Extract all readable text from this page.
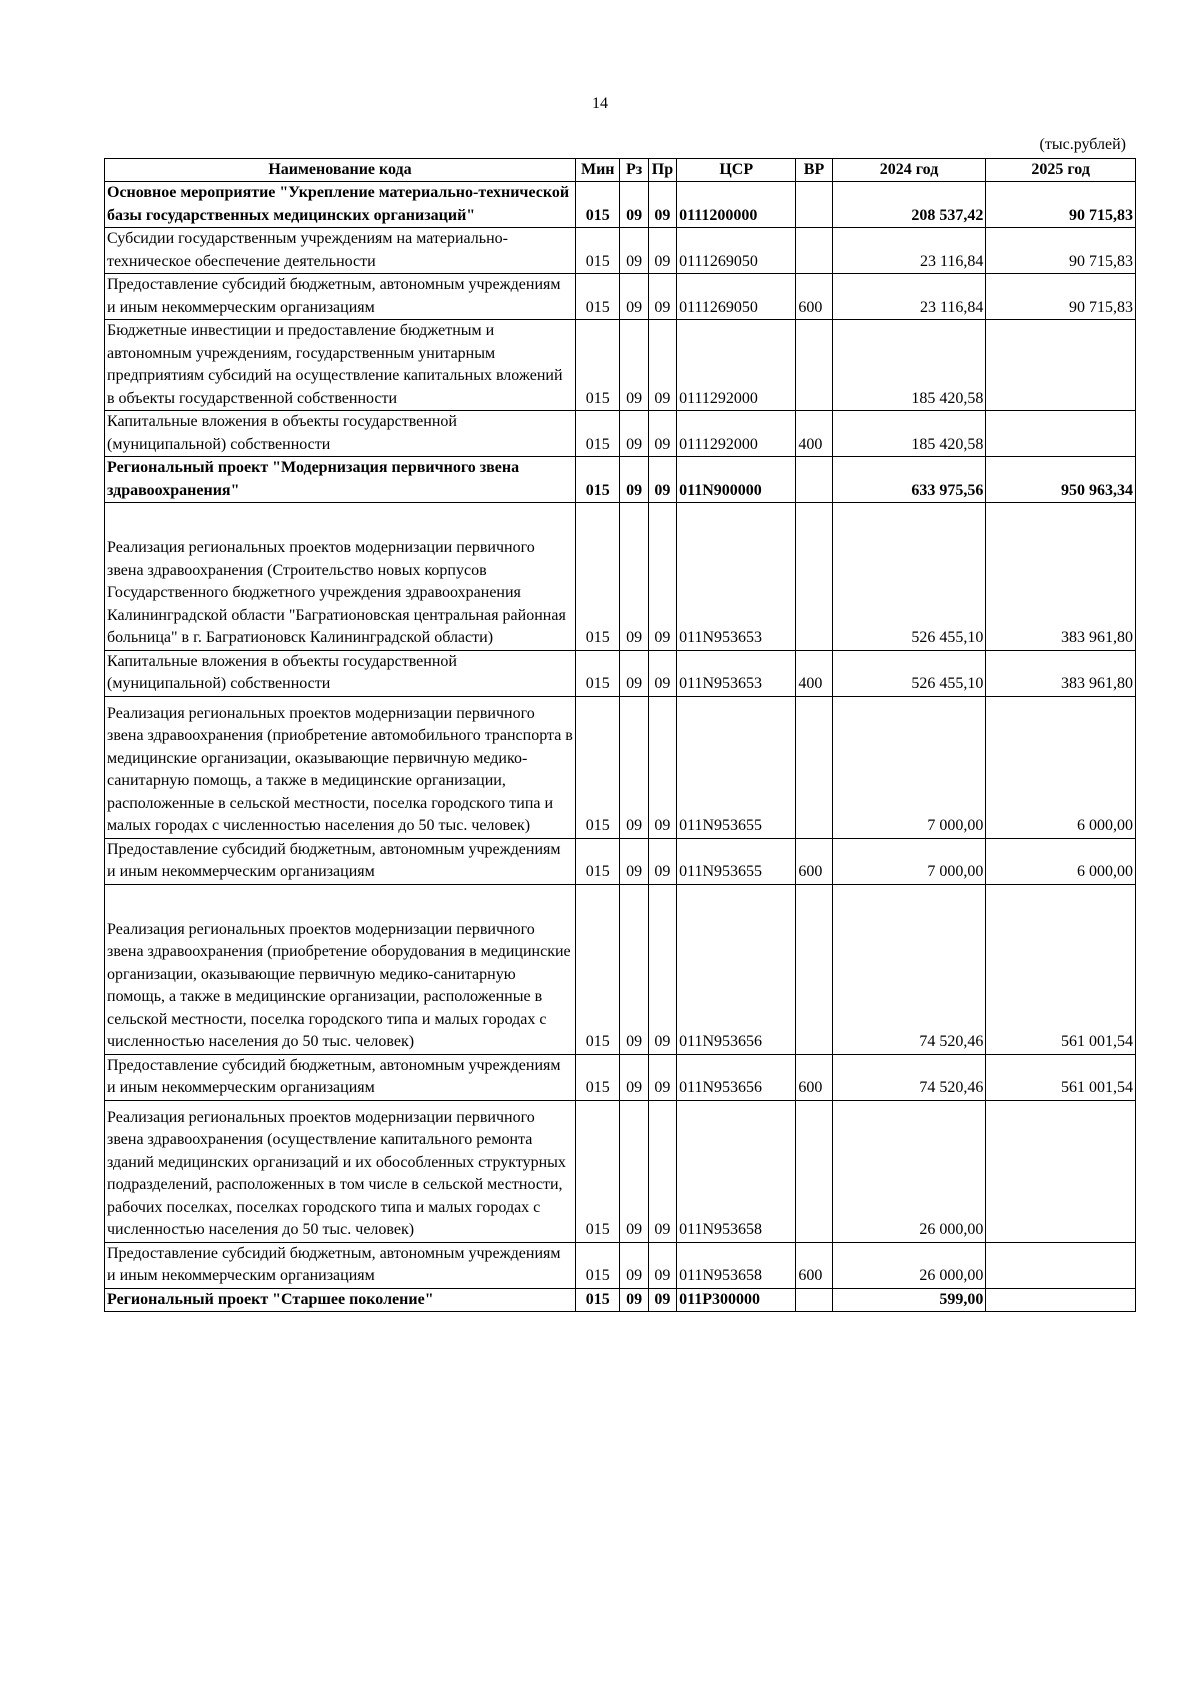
14
(тыс.рублей)
Наименование кода	Мин	Рз	Пр	ЦСР	ВР	2024 год	2025 год
Основное мероприятие "Укрепление материально-технической базы государственных медицинских организаций"	015	09	09	0111200000		208 537,42	90 715,83
Субсидии государственным учреждениям на материально-техническое обеспечение деятельности	015	09	09	0111269050		23 116,84	90 715,83
Предоставление субсидий бюджетным, автономным учреждениям и иным некоммерческим организациям	015	09	09	0111269050	600	23 116,84	90 715,83
Бюджетные инвестиции и предоставление бюджетным и автономным учреждениям, государственным унитарным предприятиям субсидий на осуществление капитальных вложений в объекты государственной собственности	015	09	09	0111292000		185 420,58	
Капитальные вложения в объекты государственной (муниципальной) собственности	015	09	09	0111292000	400	185 420,58	
Региональный проект "Модернизация первичного звена здравоохранения"	015	09	09	011N900000		633 975,56	950 963,34
Реализация региональных проектов модернизации первичного звена здравоохранения (Строительство новых корпусов Государственного бюджетного учреждения здравоохранения Калининградской области "Багратионовская центральная районная больница" в г. Багратионовск Калининградской области)	015	09	09	011N953653		526 455,10	383 961,80
Капитальные вложения в объекты государственной (муниципальной) собственности	015	09	09	011N953653	400	526 455,10	383 961,80
Реализация региональных проектов модернизации первичного звена здравоохранения (приобретение автомобильного транспорта в медицинские организации, оказывающие первичную медико-санитарную помощь, а также в медицинские организации, расположенные в сельской местности, поселка городского типа и малых городах с численностью населения до 50 тыс. человек)	015	09	09	011N953655		7 000,00	6 000,00
Предоставление субсидий бюджетным, автономным учреждениям и иным некоммерческим организациям	015	09	09	011N953655	600	7 000,00	6 000,00
Реализация региональных проектов модернизации первичного звена здравоохранения (приобретение оборудования в медицинские организации, оказывающие первичную медико-санитарную помощь, а также в медицинские организации, расположенные в сельской местности, поселка городского типа и малых городах с численностью населения до 50 тыс. человек)	015	09	09	011N953656		74 520,46	561 001,54
Предоставление субсидий бюджетным, автономным учреждениям и иным некоммерческим организациям	015	09	09	011N953656	600	74 520,46	561 001,54
Реализация региональных проектов модернизации первичного звена здравоохранения (осуществление капитального ремонта зданий медицинских организаций и их обособленных структурных подразделений, расположенных в том числе в сельской местности, рабочих поселках, поселках городского типа и малых городах с численностью населения до 50 тыс. человек)	015	09	09	011N953658		26 000,00	
Предоставление субсидий бюджетным, автономным учреждениям и иным некоммерческим организациям	015	09	09	011N953658	600	26 000,00	
Региональный проект "Старшее поколение"	015	09	09	011P300000		599,00	
